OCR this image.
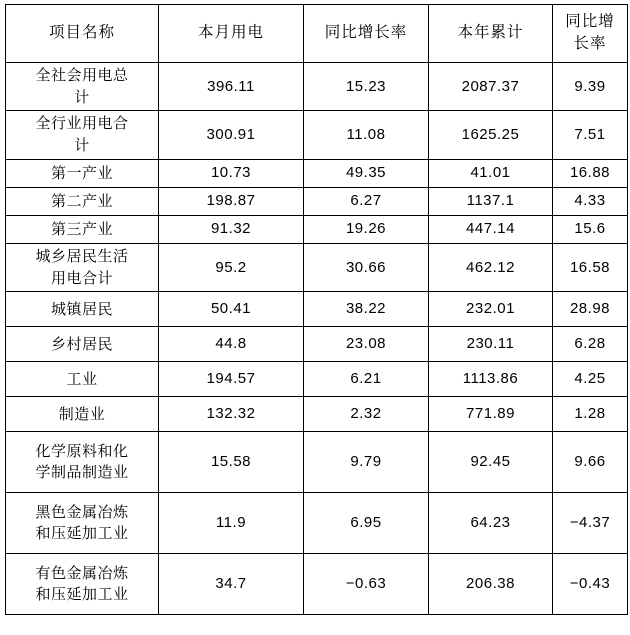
项目名称	本月用电	同比增长率	本年累计	同比增
长率

全社会用电总
计	396.11	15.23	2087.37	9.39

全行业用电合
计	300.91	11.08	1625.25	7.51

第一产业	10.73	49.35	41.01	16.88

第二产业	198.87	6.27	1137.1	4.33

第三产业	91.32	19.26	447.14	15.6

城乡居民生活
用电合计	95.2	30.66	462.12	16.58

城镇居民	50.41	38.22	232.01	28.98

乡村居民	44.8	23.08	230.11	6.28

工业	194.57	6.21	1113.86	4.25

制造业	132.32	2.32	771.89	1.28

化学原料和化
学制品制造业	15.58	9.79	92.45	9.66

黑色金属冶炼
和压延加工业	11.9	6.95	64.23	−4.37

有色金属冶炼
和压延加工业	34.7	−0.63	206.38	−0.43
